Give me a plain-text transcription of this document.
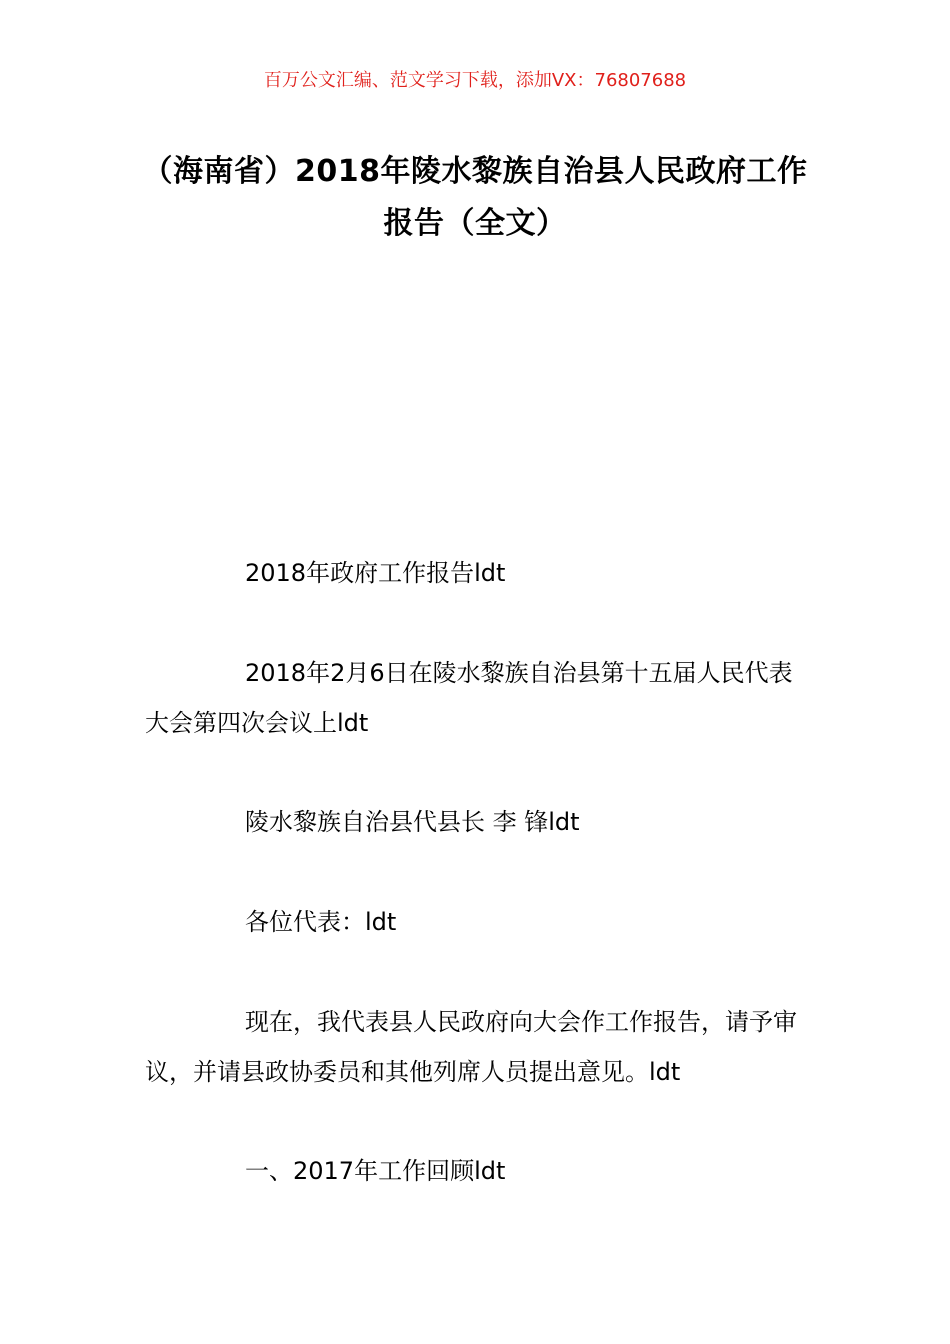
百万公文汇编、范文学习下载，添加VX：76807688
（海南省）2018年陵水黎族自治县人民政府工作报告（全文）

2018年政府工作报告ldt

2018年2月6日在陵水黎族自治县第十五届人民代表大会第四次会议上ldt

陵水黎族自治县代县长 李 锋ldt

各位代表：ldt

现在，我代表县人民政府向大会作工作报告，请予审议，并请县政协委员和其他列席人员提出意见。ldt

一、2017年工作回顾ldt
